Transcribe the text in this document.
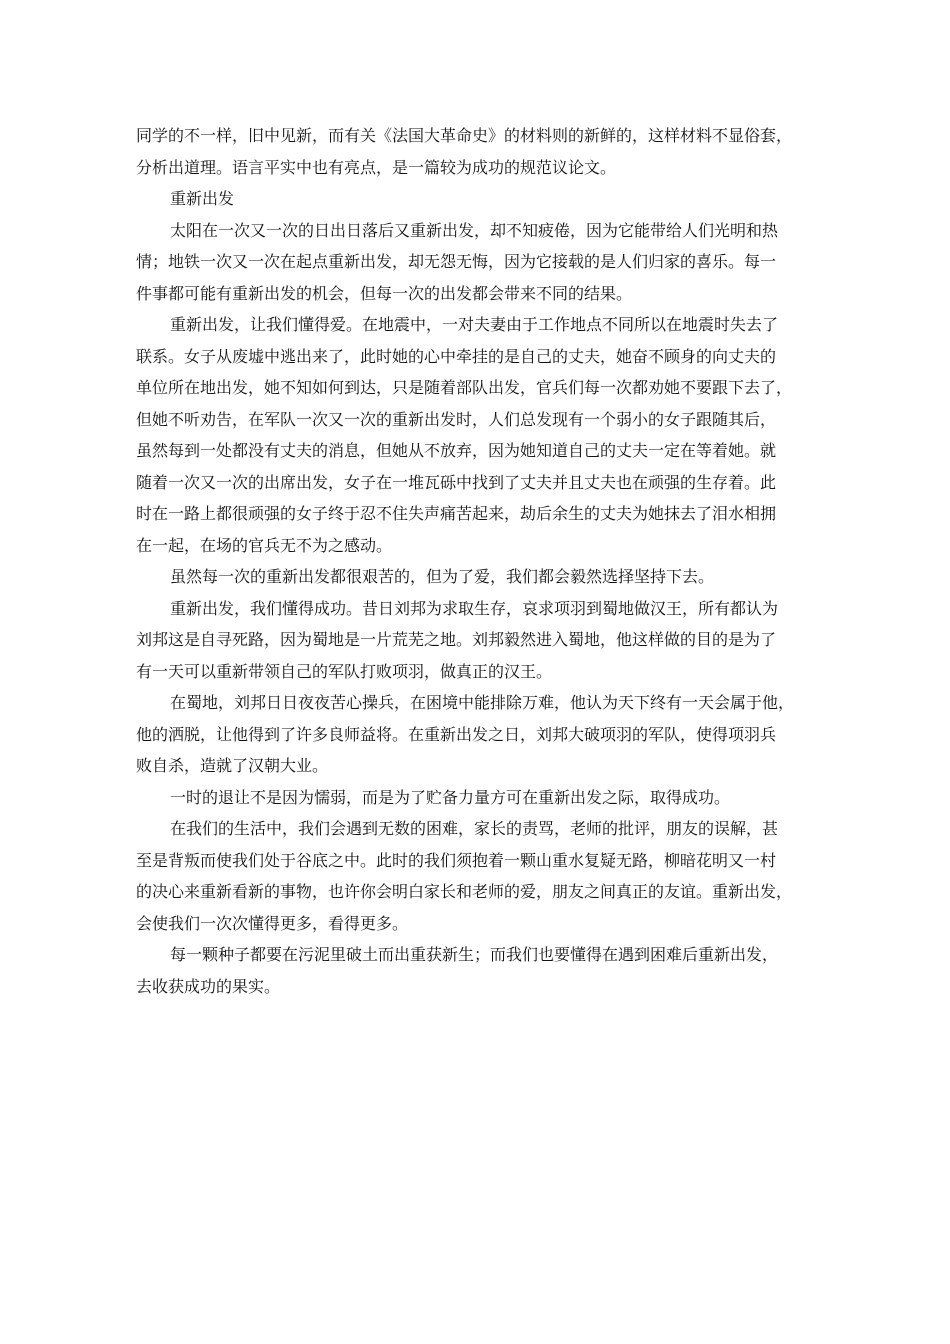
同学的不一样，旧中见新，而有关《法国大革命史》的材料则的新鲜的，这样材料不显俗套，
分析出道理。语言平实中也有亮点，是一篇较为成功的规范议论文。
重新出发
太阳在一次又一次的日出日落后又重新出发，却不知疲倦，因为它能带给人们光明和热
情；地铁一次又一次在起点重新出发，却无怨无悔，因为它接载的是人们归家的喜乐。每一
件事都可能有重新出发的机会，但每一次的出发都会带来不同的结果。
重新出发，让我们懂得爱。在地震中，一对夫妻由于工作地点不同所以在地震时失去了
联系。女子从废墟中逃出来了，此时她的心中牵挂的是自己的丈夫，她奋不顾身的向丈夫的
单位所在地出发，她不知如何到达，只是随着部队出发，官兵们每一次都劝她不要跟下去了，
但她不听劝告，在军队一次又一次的重新出发时，人们总发现有一个弱小的女子跟随其后，
虽然每到一处都没有丈夫的消息，但她从不放弃，因为她知道自己的丈夫一定在等着她。就
随着一次又一次的出席出发，女子在一堆瓦砾中找到了丈夫并且丈夫也在顽强的生存着。此
时在一路上都很顽强的女子终于忍不住失声痛苦起来，劫后余生的丈夫为她抹去了泪水相拥
在一起，在场的官兵无不为之感动。
虽然每一次的重新出发都很艰苦的，但为了爱，我们都会毅然选择坚持下去。
重新出发，我们懂得成功。昔日刘邦为求取生存，哀求项羽到蜀地做汉王，所有都认为
刘邦这是自寻死路，因为蜀地是一片荒芜之地。刘邦毅然进入蜀地，他这样做的目的是为了
有一天可以重新带领自己的军队打败项羽，做真正的汉王。
在蜀地，刘邦日日夜夜苦心操兵，在困境中能排除万难，他认为天下终有一天会属于他，
他的洒脱，让他得到了许多良师益将。在重新出发之日，刘邦大破项羽的军队，使得项羽兵
败自杀，造就了汉朝大业。
一时的退让不是因为懦弱，而是为了贮备力量方可在重新出发之际，取得成功。
在我们的生活中，我们会遇到无数的困难，家长的责骂，老师的批评，朋友的误解，甚
至是背叛而使我们处于谷底之中。此时的我们须抱着一颗山重水复疑无路，柳暗花明又一村
的决心来重新看新的事物，也许你会明白家长和老师的爱，朋友之间真正的友谊。重新出发，
会使我们一次次懂得更多，看得更多。
每一颗种子都要在污泥里破土而出重获新生；而我们也要懂得在遇到困难后重新出发，
去收获成功的果实。
